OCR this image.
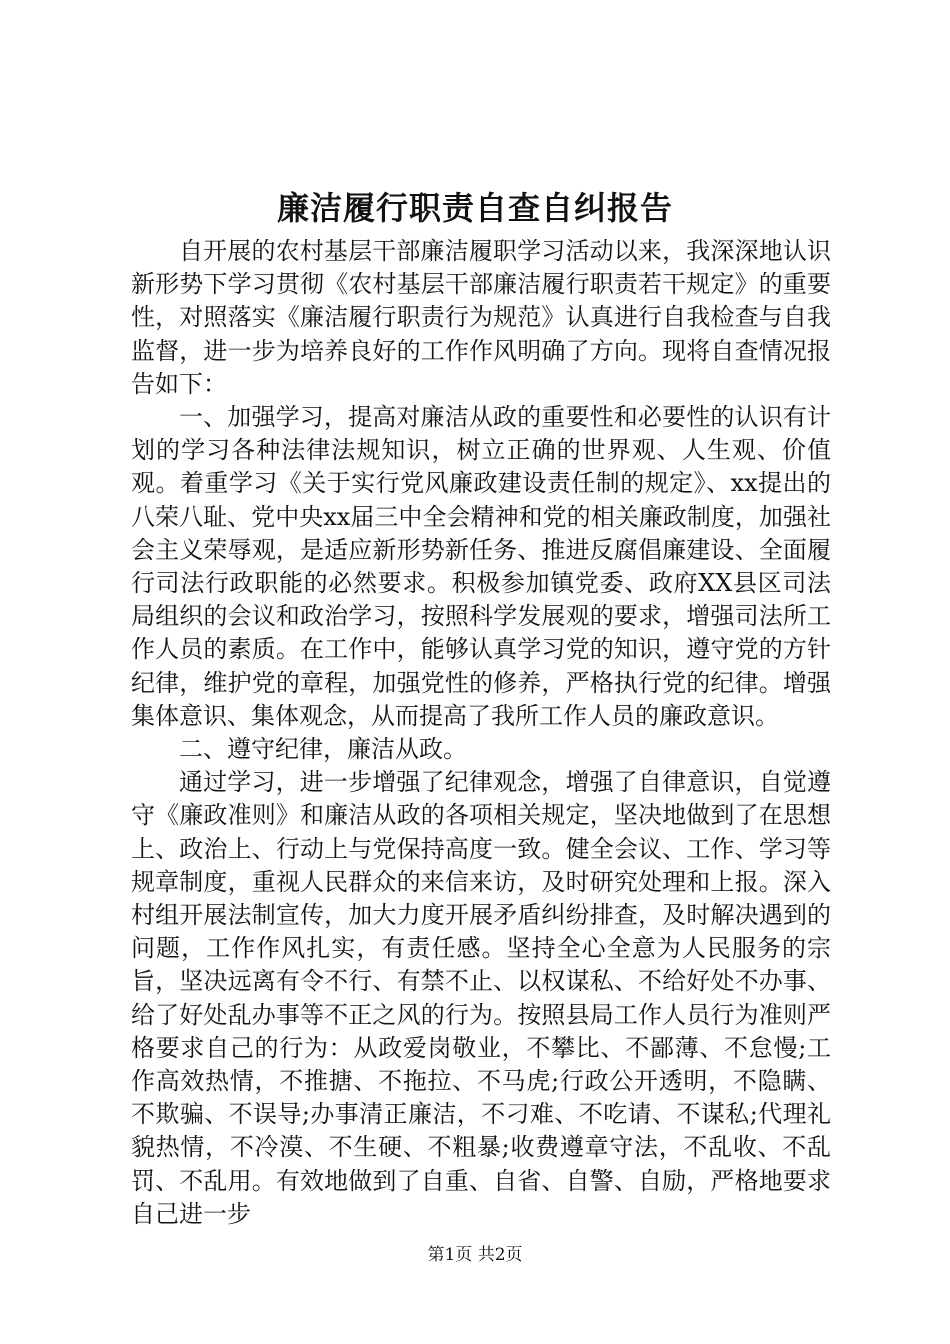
廉洁履行职责自查自纠报告

自开展的农村基层干部廉洁履职学习活动以来，我深深地认识新形势下学习贯彻《农村基层干部廉洁履行职责若干规定》的重要性，对照落实《廉洁履行职责行为规范》认真进行自我检查与自我监督，进一步为培养良好的工作作风明确了方向。现将自查情况报告如下：

一、加强学习，提高对廉洁从政的重要性和必要性的认识有计划的学习各种法律法规知识，树立正确的世界观、人生观、价值观。着重学习《关于实行党风廉政建设责任制的规定》、xx提出的八荣八耻、党中央xx届三中全会精神和党的相关廉政制度，加强社会主义荣辱观，是适应新形势新任务、推进反腐倡廉建设、全面履行司法行政职能的必然要求。积极参加镇党委、政府XX县区司法局组织的会议和政治学习，按照科学发展观的要求，增强司法所工作人员的素质。在工作中，能够认真学习党的知识，遵守党的方针纪律，维护党的章程，加强党性的修养，严格执行党的纪律。增强集体意识、集体观念，从而提高了我所工作人员的廉政意识。

二、遵守纪律，廉洁从政。

通过学习，进一步增强了纪律观念，增强了自律意识，自觉遵守《廉政准则》和廉洁从政的各项相关规定，坚决地做到了在思想上、政治上、行动上与党保持高度一致。健全会议、工作、学习等规章制度，重视人民群众的来信来访，及时研究处理和上报。深入村组开展法制宣传，加大力度开展矛盾纠纷排查，及时解决遇到的问题，工作作风扎实，有责任感。坚持全心全意为人民服务的宗旨，坚决远离有令不行、有禁不止、以权谋私、不给好处不办事、给了好处乱办事等不正之风的行为。按照县局工作人员行为准则严格要求自己的行为：从政爱岗敬业，不攀比、不鄙薄、不怠慢;工作高效热情，不推搪、不拖拉、不马虎;行政公开透明，不隐瞒、不欺骗、不误导;办事清正廉洁，不刁难、不吃请、不谋私;代理礼貌热情，不冷漠、不生硬、不粗暴;收费遵章守法，不乱收、不乱罚、不乱用。有效地做到了自重、自省、自警、自励，严格地要求自己进一步

第1页 共2页
